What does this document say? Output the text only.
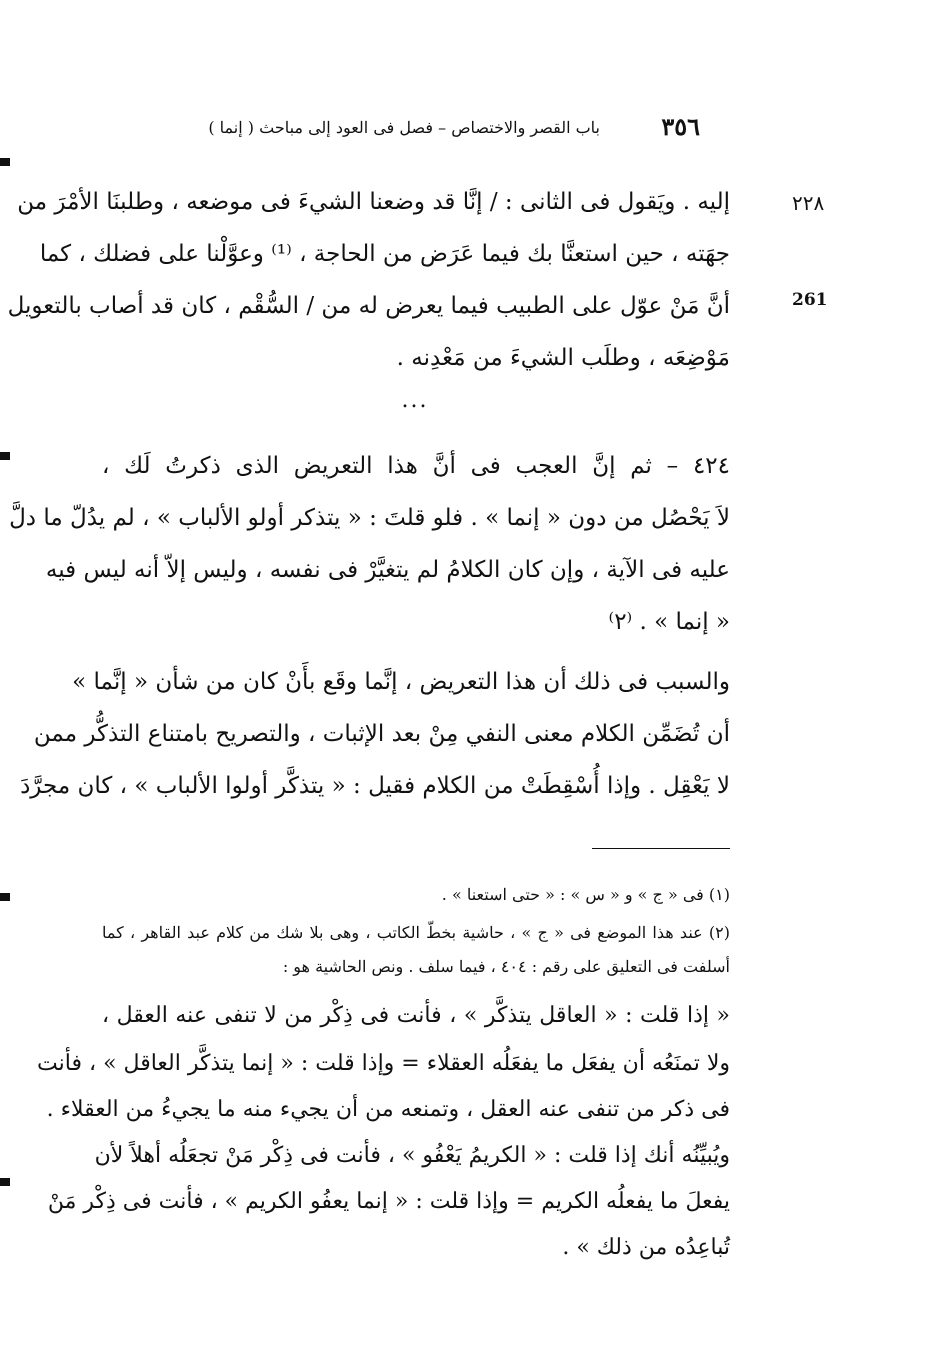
٣٥٦
باب القصر والاختصاص – فصل فى العود إلى مباحث ( إنما )
٢٢٨
261
إليه . ويَقول فى الثانى : / إنَّا قد وضعنا الشيءَ فى موضعه ، وطلبنَا الأمْرَ من
جهَته ، حين استعنَّا بك فيما عَرَض من الحاجة ، ⁽¹⁾ وعوَّلْنا على فضلك ، كما
أنَّ مَنْ عوّل على الطبيب فيما يعرض له من / السُّقْم ، كان قد أصاب بالتعويل
مَوْضِعَه ، وطلَب الشيءَ من مَعْدِنه .
...
٤٢٤ – ثم إنَّ العجب فى أنَّ هذا التعريض الذى ذكرتُ لَك ،
لاَ يَحْصُل من دون « إنما » . فلو قلتَ : « يتذكر أولو الألباب » ، لم يدُلّ ما دلَّ
عليه فى الآية ، وإن كان الكلامُ لم يتغيَّرْ فى نفسه ، وليس إلاّ أنه ليس فيه
« إنما » . ⁽٢⁾
والسبب فى ذلك أن هذا التعريض ، إنَّما وقَع بأَنْ كان من شأن « إنَّما »
أن تُضَمِّن الكلام معنى النفي مِنْ بعد الإثبات ، والتصريح بامتناع التذكُّر ممن
لا يَعْقِل . وإذا أُسْقِطَتْ من الكلام فقيل : « يتذكَّر أولوا الألباب » ، كان مجرَّدَ
(١) فى « ج » و « س » : « حتى استعنا » .
(٢) عند هذا الموضع فى « ج » ، حاشية بخطّ الكاتب ، وهى بلا شك من كلام عبد القاهر ، كما
أسلفت فى التعليق على رقم : ٤٠٤ ، فيما سلف . ونص الحاشية هو :
« إذا قلت : « العاقل يتذكَّر » ، فأنت فى ذِكْر من لا تنفى عنه العقل ،
ولا تمنَعُه أن يفعَل ما يفعَلُه العقلاء = وإذا قلت : « إنما يتذكَّر العاقل » ، فأنت
فى ذكر من تنفى عنه العقل ، وتمنعه من أن يجيء منه ما يجيءُ من العقلاء .
ويُبيِّنُه أنك إذا قلت : « الكريمُ يَعْفُو » ، فأنت فى ذِكْر مَنْ تجعَلُه أهلاً لأن
يفعلَ ما يفعلُه الكريم = وإذا قلت : « إنما يعفُو الكريم » ، فأنت فى ذِكْر مَنْ
تُباعِدُه من ذلك » .
